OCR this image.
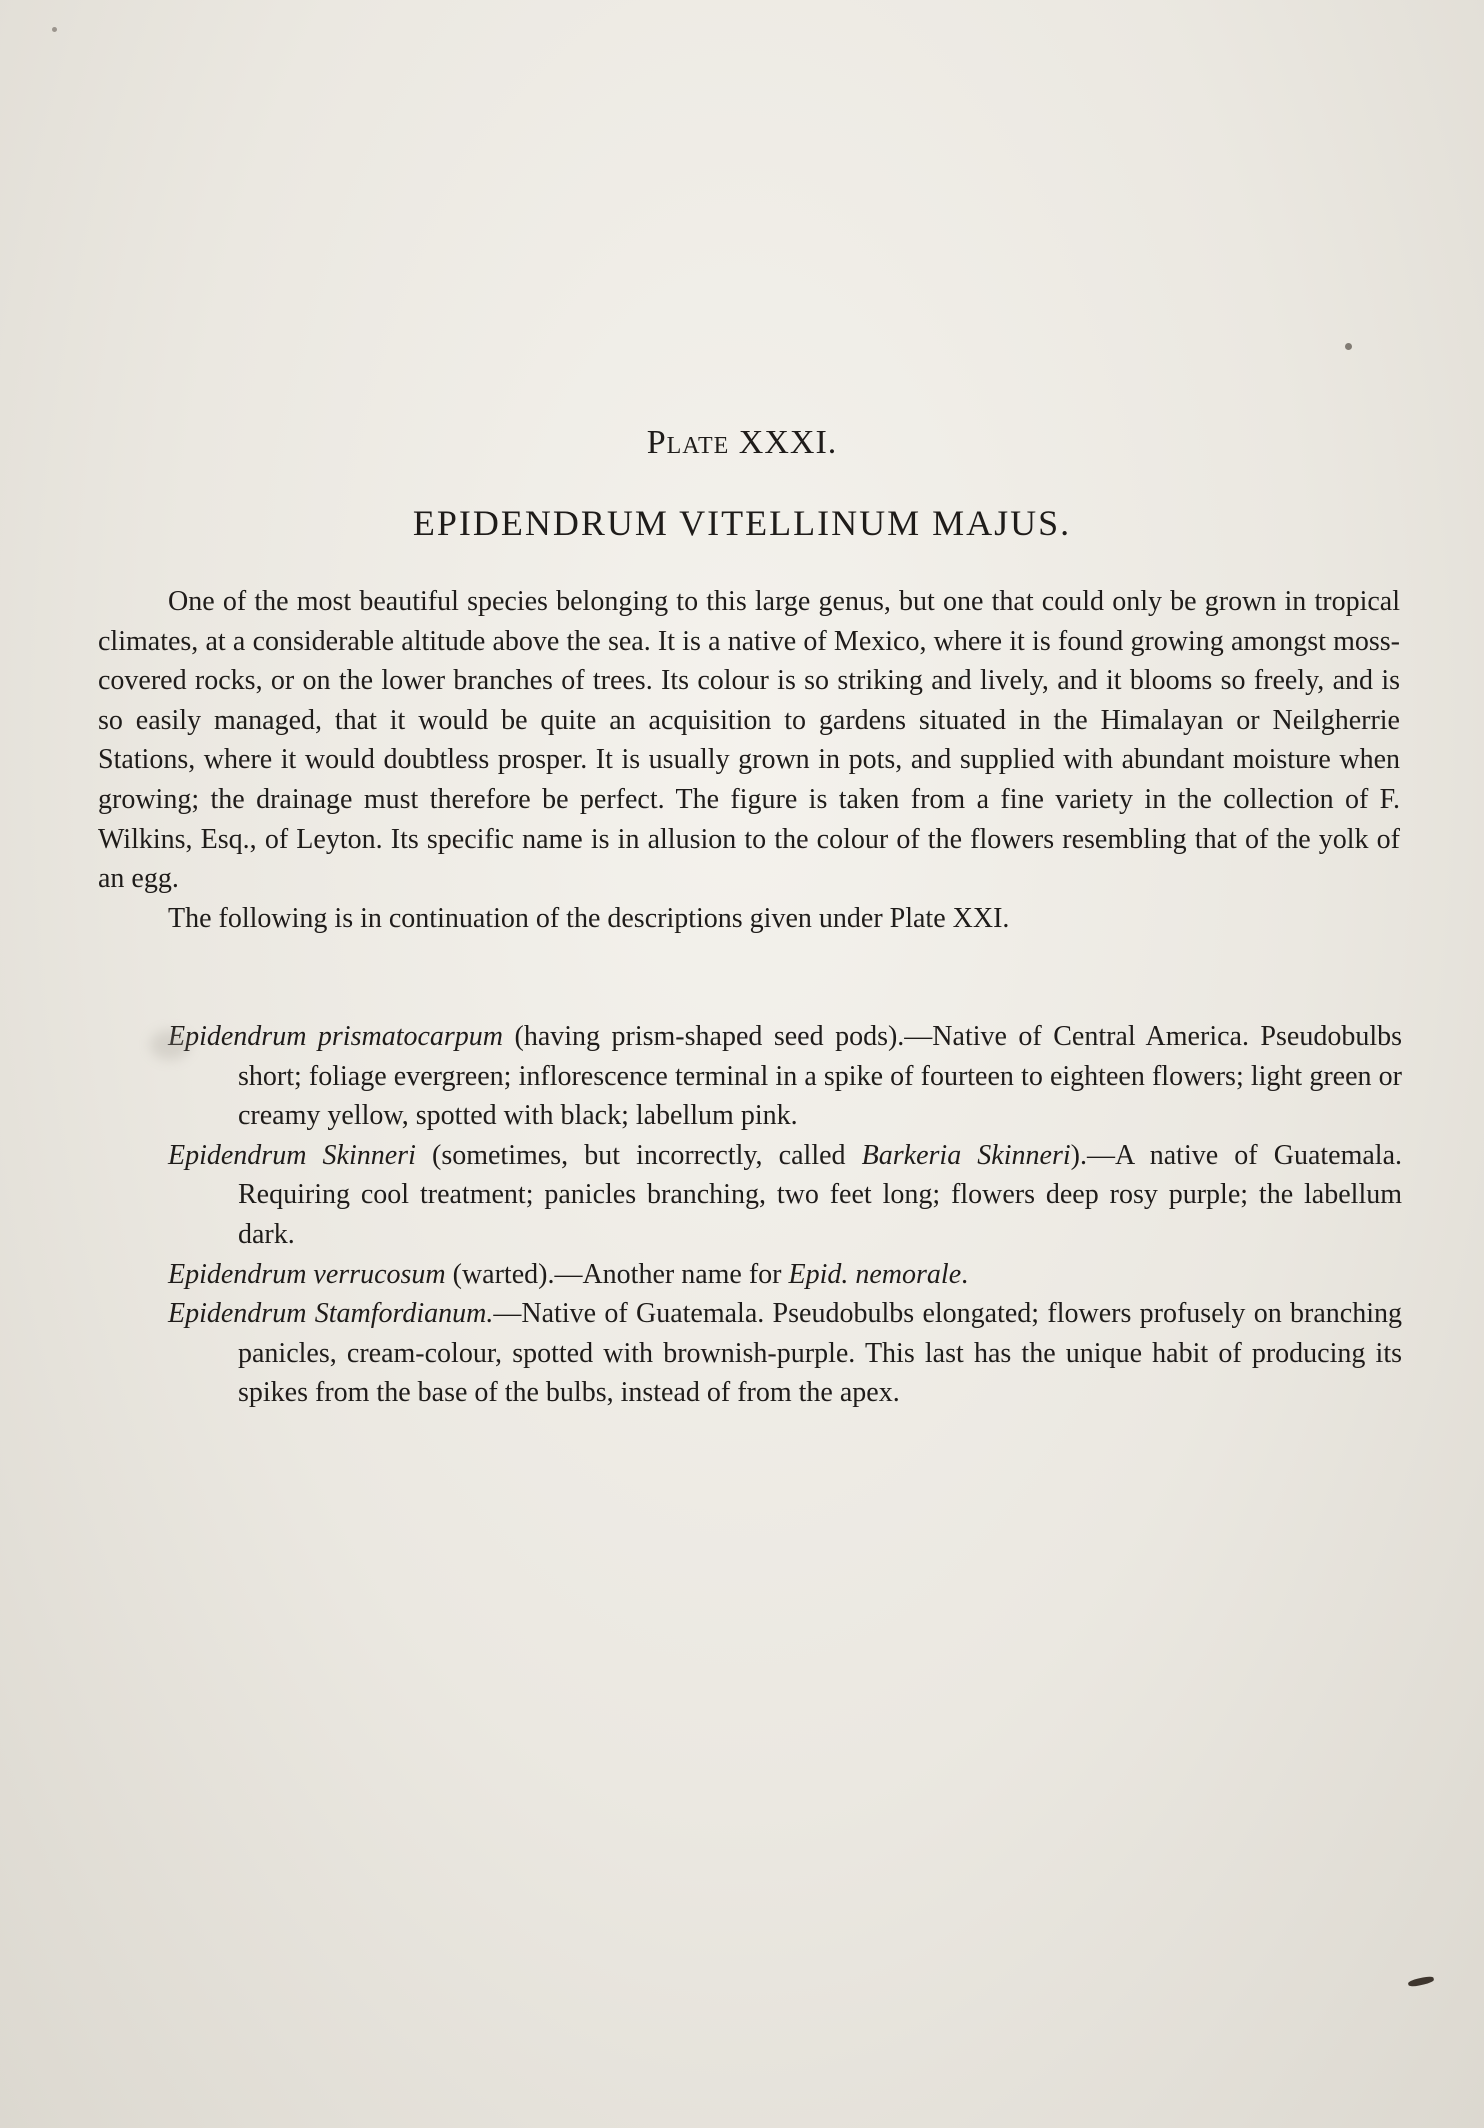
Plate XXXI.
EPIDENDRUM VITELLINUM MAJUS.

One of the most beautiful species belonging to this large genus, but one that could only be grown in tropical climates, at a considerable altitude above the sea. It is a native of Mexico, where it is found growing amongst moss-covered rocks, or on the lower branches of trees. Its colour is so striking and lively, and it blooms so freely, and is so easily managed, that it would be quite an acquisition to gardens situated in the Himalayan or Neilgherrie Stations, where it would doubtless prosper. It is usually grown in pots, and supplied with abundant moisture when growing; the drainage must therefore be perfect. The figure is taken from a fine variety in the collection of F. Wilkins, Esq., of Leyton. Its specific name is in allusion to the colour of the flowers resembling that of the yolk of an egg.

The following is in continuation of the descriptions given under Plate XXI.

Epidendrum prismatocarpum (having prism-shaped seed pods).—Native of Central America. Pseudobulbs short; foliage evergreen; inflorescence terminal in a spike of fourteen to eighteen flowers; light green or creamy yellow, spotted with black; labellum pink.

Epidendrum Skinneri (sometimes, but incorrectly, called Barkeria Skinneri).—A native of Guatemala. Requiring cool treatment; panicles branching, two feet long; flowers deep rosy purple; the labellum dark.

Epidendrum verrucosum (warted).—Another name for Epid. nemorale.

Epidendrum Stamfordianum.—Native of Guatemala. Pseudobulbs elongated; flowers profusely on branching panicles, cream-colour, spotted with brownish-purple. This last has the unique habit of producing its spikes from the base of the bulbs, instead of from the apex.
